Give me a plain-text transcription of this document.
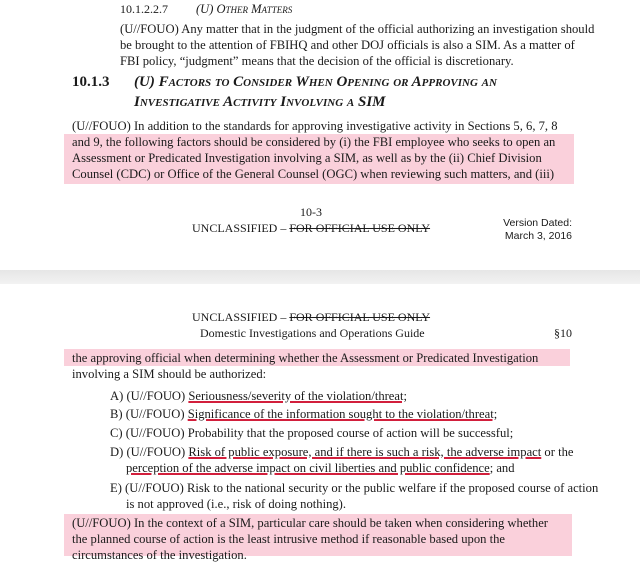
10.1.2.2.7 (U) Other Matters
(U//FOUO) Any matter that in the judgment of the official authorizing an investigation should
be brought to the attention of FBIHQ and other DOJ officials is also a SIM. As a matter of
FBI policy, “judgment” means that the decision of the official is discretionary.
10.1.3 (U) Factors to Consider When Opening or Approving an
Investigative Activity Involving a SIM
(U//FOUO) In addition to the standards for approving investigative activity in Sections 5, 6, 7, 8
and 9, the following factors should be considered by (i) the FBI employee who seeks to open an
Assessment or Predicated Investigation involving a SIM, as well as by the (ii) Chief Division
Counsel (CDC) or Office of the General Counsel (OGC) when reviewing such matters, and (iii)
10-3
UNCLASSIFIED – FOR OFFICIAL USE ONLY	Version Dated:
March 3, 2016
UNCLASSIFIED – FOR OFFICIAL USE ONLY
Domestic Investigations and Operations Guide	§10
the approving official when determining whether the Assessment or Predicated Investigation
involving a SIM should be authorized:
A) (U//FOUO) Seriousness/severity of the violation/threat;
B) (U//FOUO) Significance of the information sought to the violation/threat;
C) (U//FOUO) Probability that the proposed course of action will be successful;
D) (U//FOUO) Risk of public exposure, and if there is such a risk, the adverse impact or the
perception of the adverse impact on civil liberties and public confidence; and
E) (U//FOUO) Risk to the national security or the public welfare if the proposed course of action
is not approved (i.e., risk of doing nothing).
(U//FOUO) In the context of a SIM, particular care should be taken when considering whether
the planned course of action is the least intrusive method if reasonable based upon the
circumstances of the investigation.
